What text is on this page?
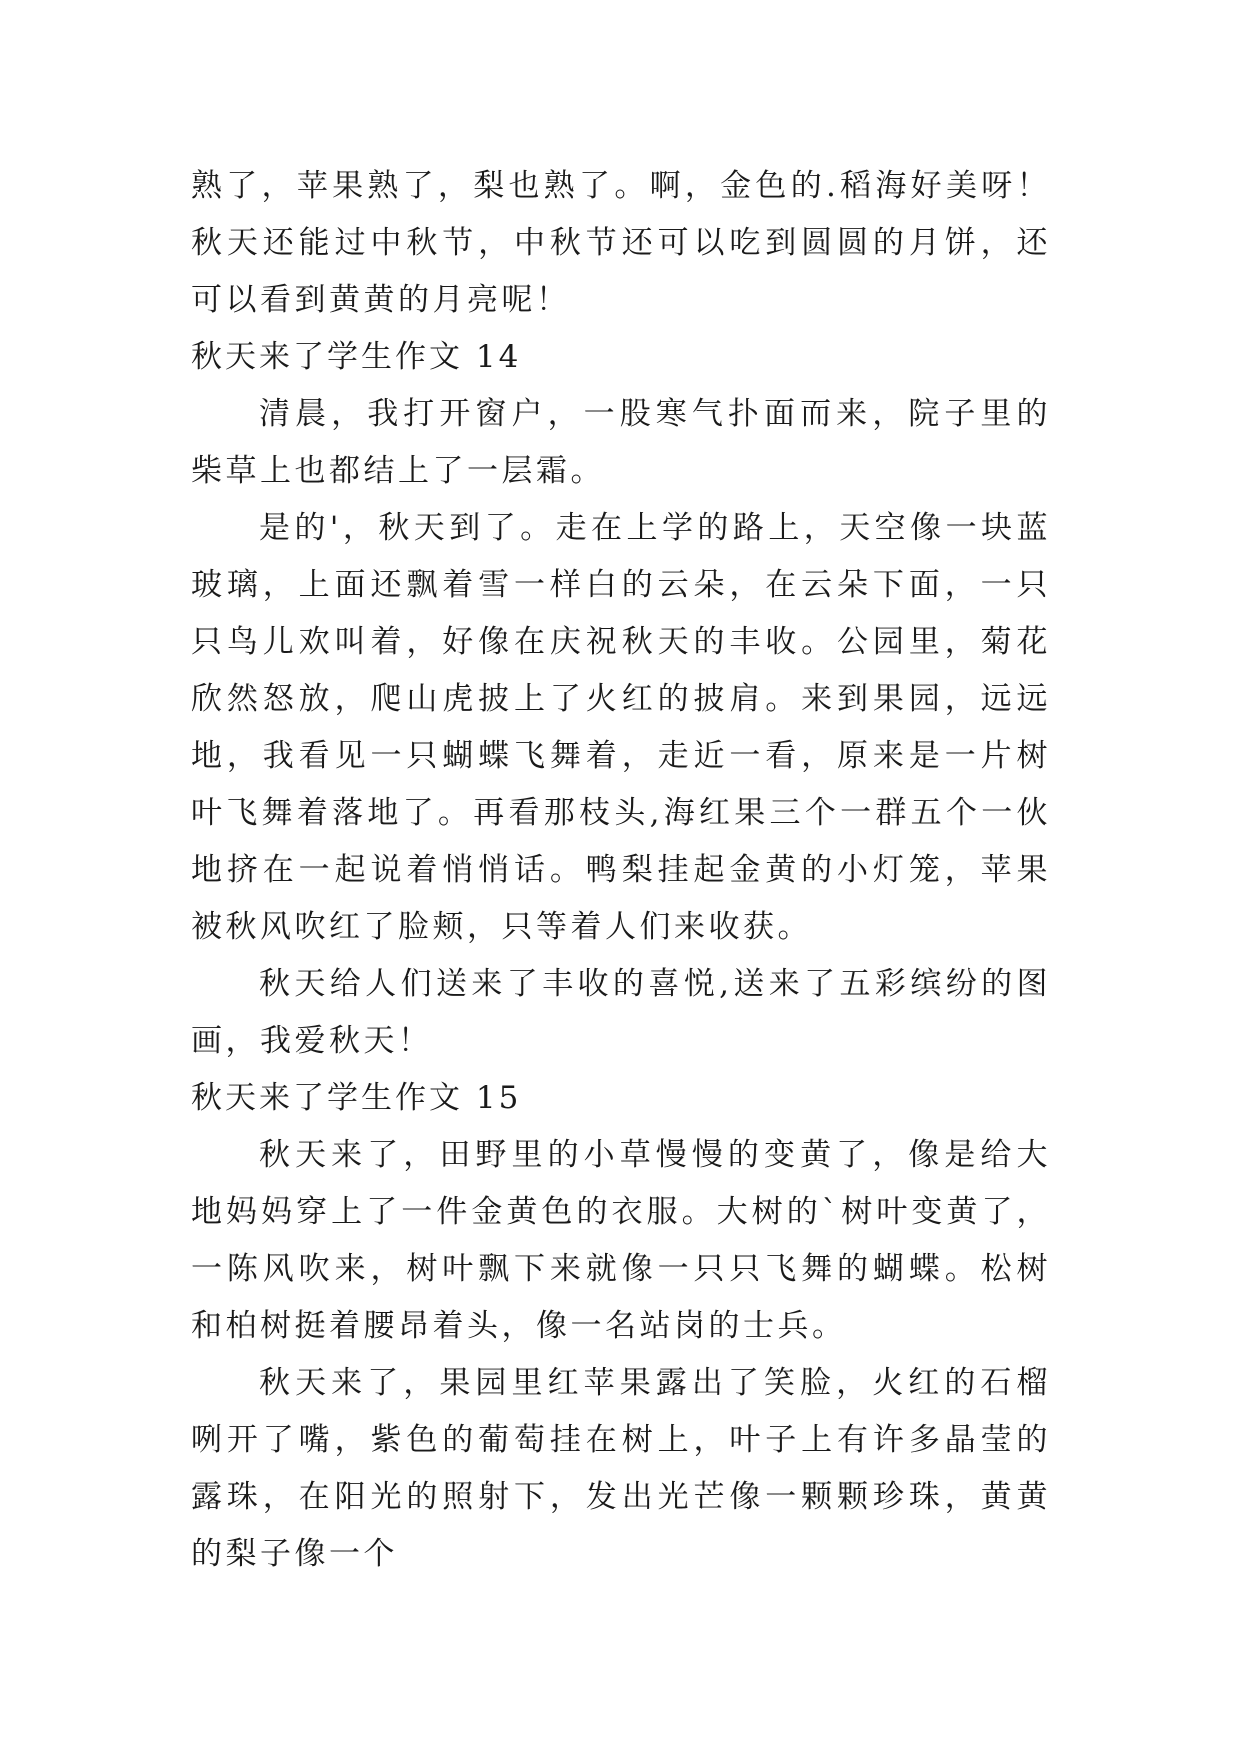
熟了，苹果熟了，梨也熟了。啊，金色的.稻海好美呀！秋天还能过中秋节，中秋节还可以吃到圆圆的月饼，还可以看到黄黄的月亮呢！

秋天来了学生作文 14

清晨，我打开窗户，一股寒气扑面而来，院子里的柴草上也都结上了一层霜。

是的'，秋天到了。走在上学的路上，天空像一块蓝玻璃，上面还飘着雪一样白的云朵，在云朵下面，一只只鸟儿欢叫着，好像在庆祝秋天的丰收。公园里，菊花欣然怒放，爬山虎披上了火红的披肩。来到果园，远远地，我看见一只蝴蝶飞舞着，走近一看，原来是一片树叶飞舞着落地了。再看那枝头,海红果三个一群五个一伙地挤在一起说着悄悄话。鸭梨挂起金黄的小灯笼，苹果被秋风吹红了脸颊，只等着人们来收获。

秋天给人们送来了丰收的喜悦,送来了五彩缤纷的图画，我爱秋天！

秋天来了学生作文 15

秋天来了，田野里的小草慢慢的变黄了，像是给大地妈妈穿上了一件金黄色的衣服。大树的`树叶变黄了，一陈风吹来，树叶飘下来就像一只只飞舞的蝴蝶。松树和柏树挺着腰昂着头，像一名站岗的士兵。

秋天来了，果园里红苹果露出了笑脸，火红的石榴咧开了嘴，紫色的葡萄挂在树上，叶子上有许多晶莹的露珠，在阳光的照射下，发出光芒像一颗颗珍珠，黄黄的梨子像一个
